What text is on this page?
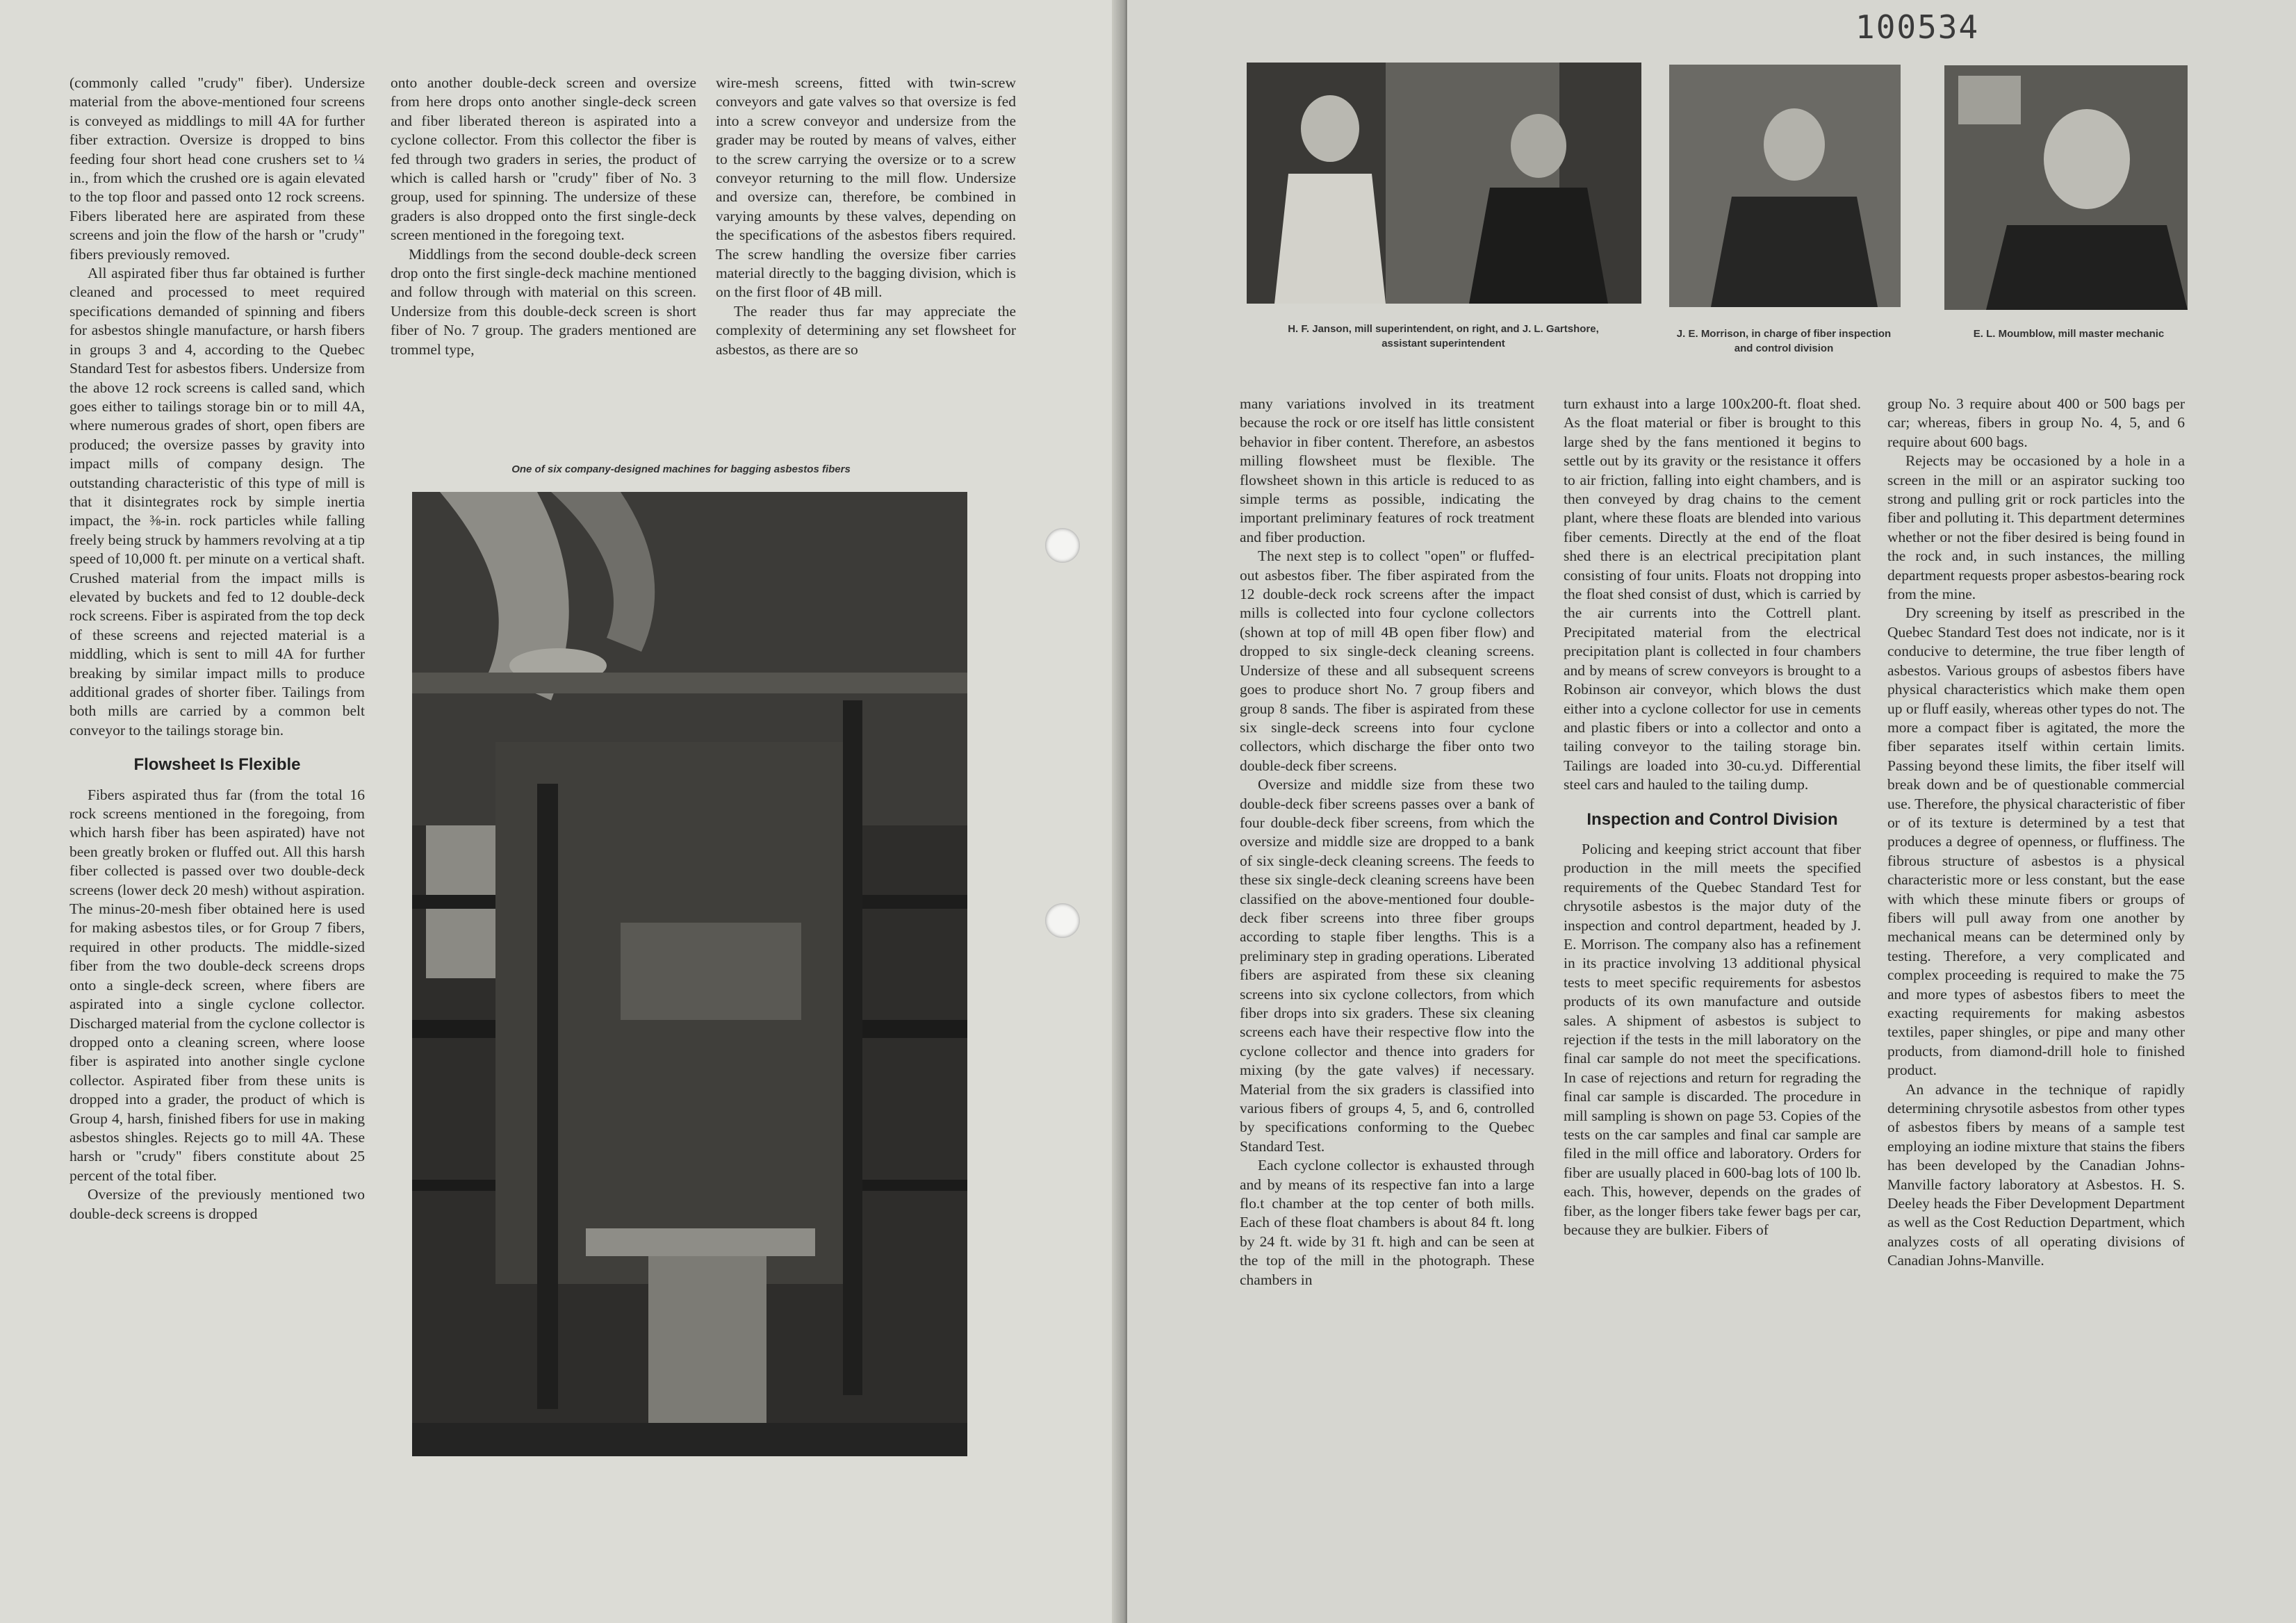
(commonly called "crudy" fiber). Undersize material from the above-mentioned four screens is conveyed as middlings to mill 4A for further fiber extraction. Oversize is dropped to bins feeding four short head cone crushers set to ¼ in., from which the crushed ore is again elevated to the top floor and passed onto 12 rock screens. Fibers liberated here are aspirated from these screens and join the flow of the harsh or "crudy" fibers previously removed.

All aspirated fiber thus far obtained is further cleaned and processed to meet required specifications demanded of spinning and fibers for asbestos shingle manufacture, or harsh fibers in groups 3 and 4, according to the Quebec Standard Test for asbestos fibers. Undersize from the above 12 rock screens is called sand, which goes either to tailings storage bin or to mill 4A, where numerous grades of short, open fibers are produced; the oversize passes by gravity into impact mills of company design. The outstanding characteristic of this type of mill is that it disintegrates rock by simple inertia impact, the ⅜-in. rock particles while falling freely being struck by hammers revolving at a tip speed of 10,000 ft. per minute on a vertical shaft. Crushed material from the impact mills is elevated by buckets and fed to 12 double-deck rock screens. Fiber is aspirated from the top deck of these screens and rejected material is a middling, which is sent to mill 4A for further breaking by similar impact mills to produce additional grades of shorter fiber. Tailings from both mills are carried by a common belt conveyor to the tailings storage bin.

Flowsheet Is Flexible

Fibers aspirated thus far (from the total 16 rock screens mentioned in the foregoing, from which harsh fiber has been aspirated) have not been greatly broken or fluffed out. All this harsh fiber collected is passed over two double-deck screens (lower deck 20 mesh) without aspiration. The minus-20-mesh fiber obtained here is used for making asbestos tiles, or for Group 7 fibers, required in other products. The middle-sized fiber from the two double-deck screens drops onto a single-deck screen, where fibers are aspirated into a single cyclone collector. Discharged material from the cyclone collector is dropped onto a cleaning screen, where loose fiber is aspirated into another single cyclone collector. Aspirated fiber from these units is dropped into a grader, the product of which is Group 4, harsh, finished fibers for use in making asbestos shingles. Rejects go to mill 4A. These harsh or "crudy" fibers constitute about 25 percent of the total fiber.

Oversize of the previously mentioned two double-deck screens is dropped

onto another double-deck screen and oversize from here drops onto another single-deck screen and fiber liberated thereon is aspirated into a cyclone collector. From this collector the fiber is fed through two graders in series, the product of which is called harsh or "crudy" fiber of No. 3 group, used for spinning. The undersize of these graders is also dropped onto the first single-deck screen mentioned in the foregoing text.

Middlings from the second double-deck screen drop onto the first single-deck machine mentioned and follow through with material on this screen. Undersize from this double-deck screen is short fiber of No. 7 group. The graders mentioned are trommel type,

wire-mesh screens, fitted with twin-screw conveyors and gate valves so that oversize is fed into a screw conveyor and undersize from the grader may be routed by means of valves, either to the screw carrying the oversize or to a screw conveyor returning to the mill flow. Undersize and oversize can, therefore, be combined in varying amounts by these valves, depending on the specifications of the asbestos fibers required. The screw handling the oversize fiber carries material directly to the bagging division, which is on the first floor of 4B mill.

The reader thus far may appreciate the complexity of determining any set flowsheet for asbestos, as there are so

One of six company-designed machines for bagging asbestos fibers
100534
H. F. Janson, mill superintendent, on right, and J. L. Gartshore, assistant superintendent
J. E. Morrison, in charge of fiber inspection and control division
E. L. Moumblow, mill master mechanic

many variations involved in its treatment because the rock or ore itself has little consistent behavior in fiber content. Therefore, an asbestos milling flowsheet must be flexible. The flowsheet shown in this article is reduced to as simple terms as possible, indicating the important preliminary features of rock treatment and fiber production.

The next step is to collect "open" or fluffed-out asbestos fiber. The fiber aspirated from the 12 double-deck rock screens after the impact mills is collected into four cyclone collectors (shown at top of mill 4B open fiber flow) and dropped to six single-deck cleaning screens. Undersize of these and all subsequent screens goes to produce short No. 7 group fibers and group 8 sands. The fiber is aspirated from these six single-deck screens into four cyclone collectors, which discharge the fiber onto two double-deck fiber screens.

Oversize and middle size from these two double-deck fiber screens passes over a bank of four double-deck fiber screens, from which the oversize and middle size are dropped to a bank of six single-deck cleaning screens. The feeds to these six single-deck cleaning screens have been classified on the above-mentioned four double-deck fiber screens into three fiber groups according to staple fiber lengths. This is a preliminary step in grading operations. Liberated fibers are aspirated from these six cleaning screens into six cyclone collectors, from which fiber drops into six graders. These six cleaning screens each have their respective flow into the cyclone collector and thence into graders for mixing (by the gate valves) if necessary. Material from the six graders is classified into various fibers of groups 4, 5, and 6, controlled by specifications conforming to the Quebec Standard Test.

Each cyclone collector is exhausted through and by means of its respective fan into a large flo.t chamber at the top center of both mills. Each of these float chambers is about 84 ft. long by 24 ft. wide by 31 ft. high and can be seen at the top of the mill in the photograph. These chambers in

turn exhaust into a large 100x200-ft. float shed. As the float material or fiber is brought to this large shed by the fans mentioned it begins to settle out by its gravity or the resistance it offers to air friction, falling into eight chambers, and is then conveyed by drag chains to the cement plant, where these floats are blended into various fiber cements. Directly at the end of the float shed there is an electrical precipitation plant consisting of four units. Floats not dropping into the float shed consist of dust, which is carried by the air currents into the Cottrell plant. Precipitated material from the electrical precipitation plant is collected in four chambers and by means of screw conveyors is brought to a Robinson air conveyor, which blows the dust either into a cyclone collector for use in cements and plastic fibers or into a collector and onto a tailing conveyor to the tailing storage bin. Tailings are loaded into 30-cu.yd. Differential steel cars and hauled to the tailing dump.

Inspection and Control Division

Policing and keeping strict account that fiber production in the mill meets the specified requirements of the Quebec Standard Test for chrysotile asbestos is the major duty of the inspection and control department, headed by J. E. Morrison. The company also has a refinement in its practice involving 13 additional physical tests to meet specific requirements for asbestos products of its own manufacture and outside sales. A shipment of asbestos is subject to rejection if the tests in the mill laboratory on the final car sample do not meet the specifications. In case of rejections and return for regrading the final car sample is discarded. The procedure in mill sampling is shown on page 53. Copies of the tests on the car samples and final car sample are filed in the mill office and laboratory. Orders for fiber are usually placed in 600-bag lots of 100 lb. each. This, however, depends on the grades of fiber, as the longer fibers take fewer bags per car, because they are bulkier. Fibers of

group No. 3 require about 400 or 500 bags per car; whereas, fibers in group No. 4, 5, and 6 require about 600 bags.

Rejects may be occasioned by a hole in a screen in the mill or an aspirator sucking too strong and pulling grit or rock particles into the fiber and polluting it. This department determines whether or not the fiber desired is being found in the rock and, in such instances, the milling department requests proper asbestos-bearing rock from the mine.

Dry screening by itself as prescribed in the Quebec Standard Test does not indicate, nor is it conducive to determine, the true fiber length of asbestos. Various groups of asbestos fibers have physical characteristics which make them open up or fluff easily, whereas other types do not. The more a compact fiber is agitated, the more the fiber separates itself within certain limits. Passing beyond these limits, the fiber itself will break down and be of questionable commercial use. Therefore, the physical characteristic of fiber or of its texture is determined by a test that produces a degree of openness, or fluffiness. The fibrous structure of asbestos is a physical characteristic more or less constant, but the ease with which these minute fibers or groups of fibers will pull away from one another by mechanical means can be determined only by testing. Therefore, a very complicated and complex proceeding is required to make the 75 and more types of asbestos fibers to meet the exacting requirements for making asbestos textiles, paper shingles, or pipe and many other products, from diamond-drill hole to finished product.

An advance in the technique of rapidly determining chrysotile asbestos from other types of asbestos fibers by means of a sample test employing an iodine mixture that stains the fibers has been developed by the Canadian Johns-Manville factory laboratory at Asbestos. H. S. Deeley heads the Fiber Development Department as well as the Cost Reduction Department, which analyzes costs of all operating divisions of Canadian Johns-Manville.
